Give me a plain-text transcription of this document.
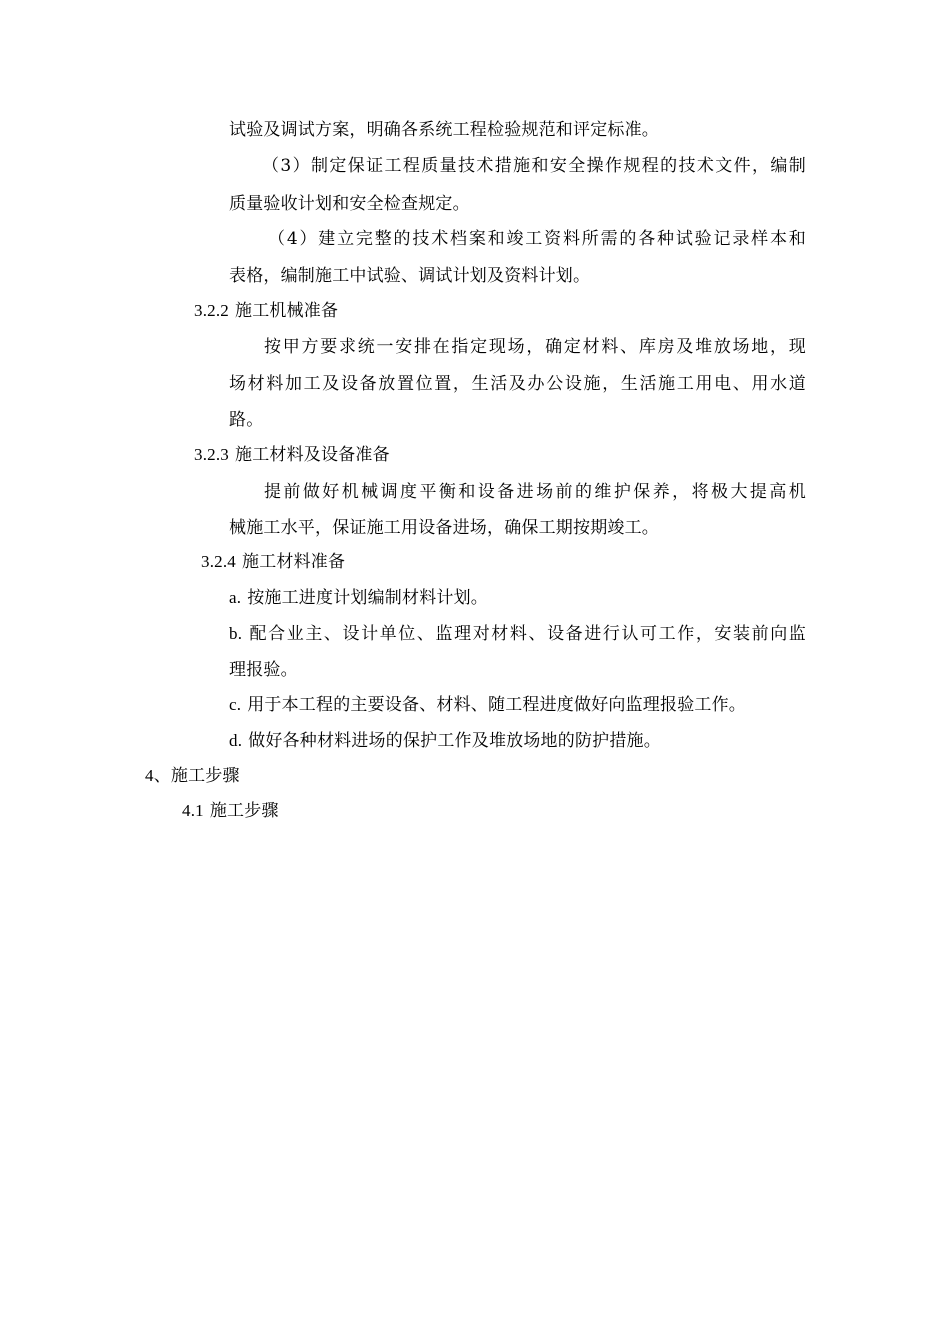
试验及调试方案，明确各系统工程检验规范和评定标准。
（3）制定保证工程质量技术措施和安全操作规程的技术文件，编制
质量验收计划和安全检查规定。
（4）建立完整的技术档案和竣工资料所需的各种试验记录样本和
表格，编制施工中试验、调试计划及资料计划。
3.2.2 施工机械准备
按甲方要求统一安排在指定现场，确定材料、库房及堆放场地，现
场材料加工及设备放置位置，生活及办公设施，生活施工用电、用水道
路。
3.2.3 施工材料及设备准备
提前做好机械调度平衡和设备进场前的维护保养，将极大提高机
械施工水平，保证施工用设备进场，确保工期按期竣工。
3.2.4 施工材料准备
a. 按施工进度计划编制材料计划。
b. 配合业主、设计单位、监理对材料、设备进行认可工作，安装前向监
理报验。
c. 用于本工程的主要设备、材料、随工程进度做好向监理报验工作。
d. 做好各种材料进场的保护工作及堆放场地的防护措施。
4、施工步骤
4.1 施工步骤
